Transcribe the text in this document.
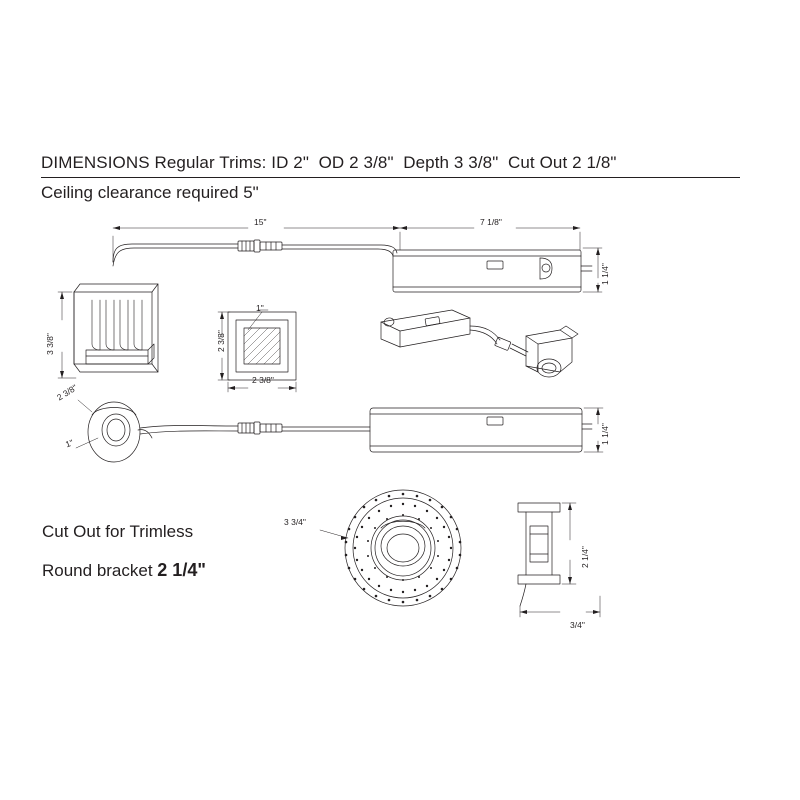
DIMENSIONS Regular Trims: ID 2"  OD 2 3/8"  Depth 3 3/8"  Cut Out 2 1/8"
Ceiling clearance required 5"
Cut Out for Trimless
Round bracket 2 1/4"
15"	7 1/8"
1 1/4"
3 3/8"	2 3/8"
2 3/8"
1"
2 3/8"
1"	1 1/4"
3 3/4"
2 1/4"
3/4"
